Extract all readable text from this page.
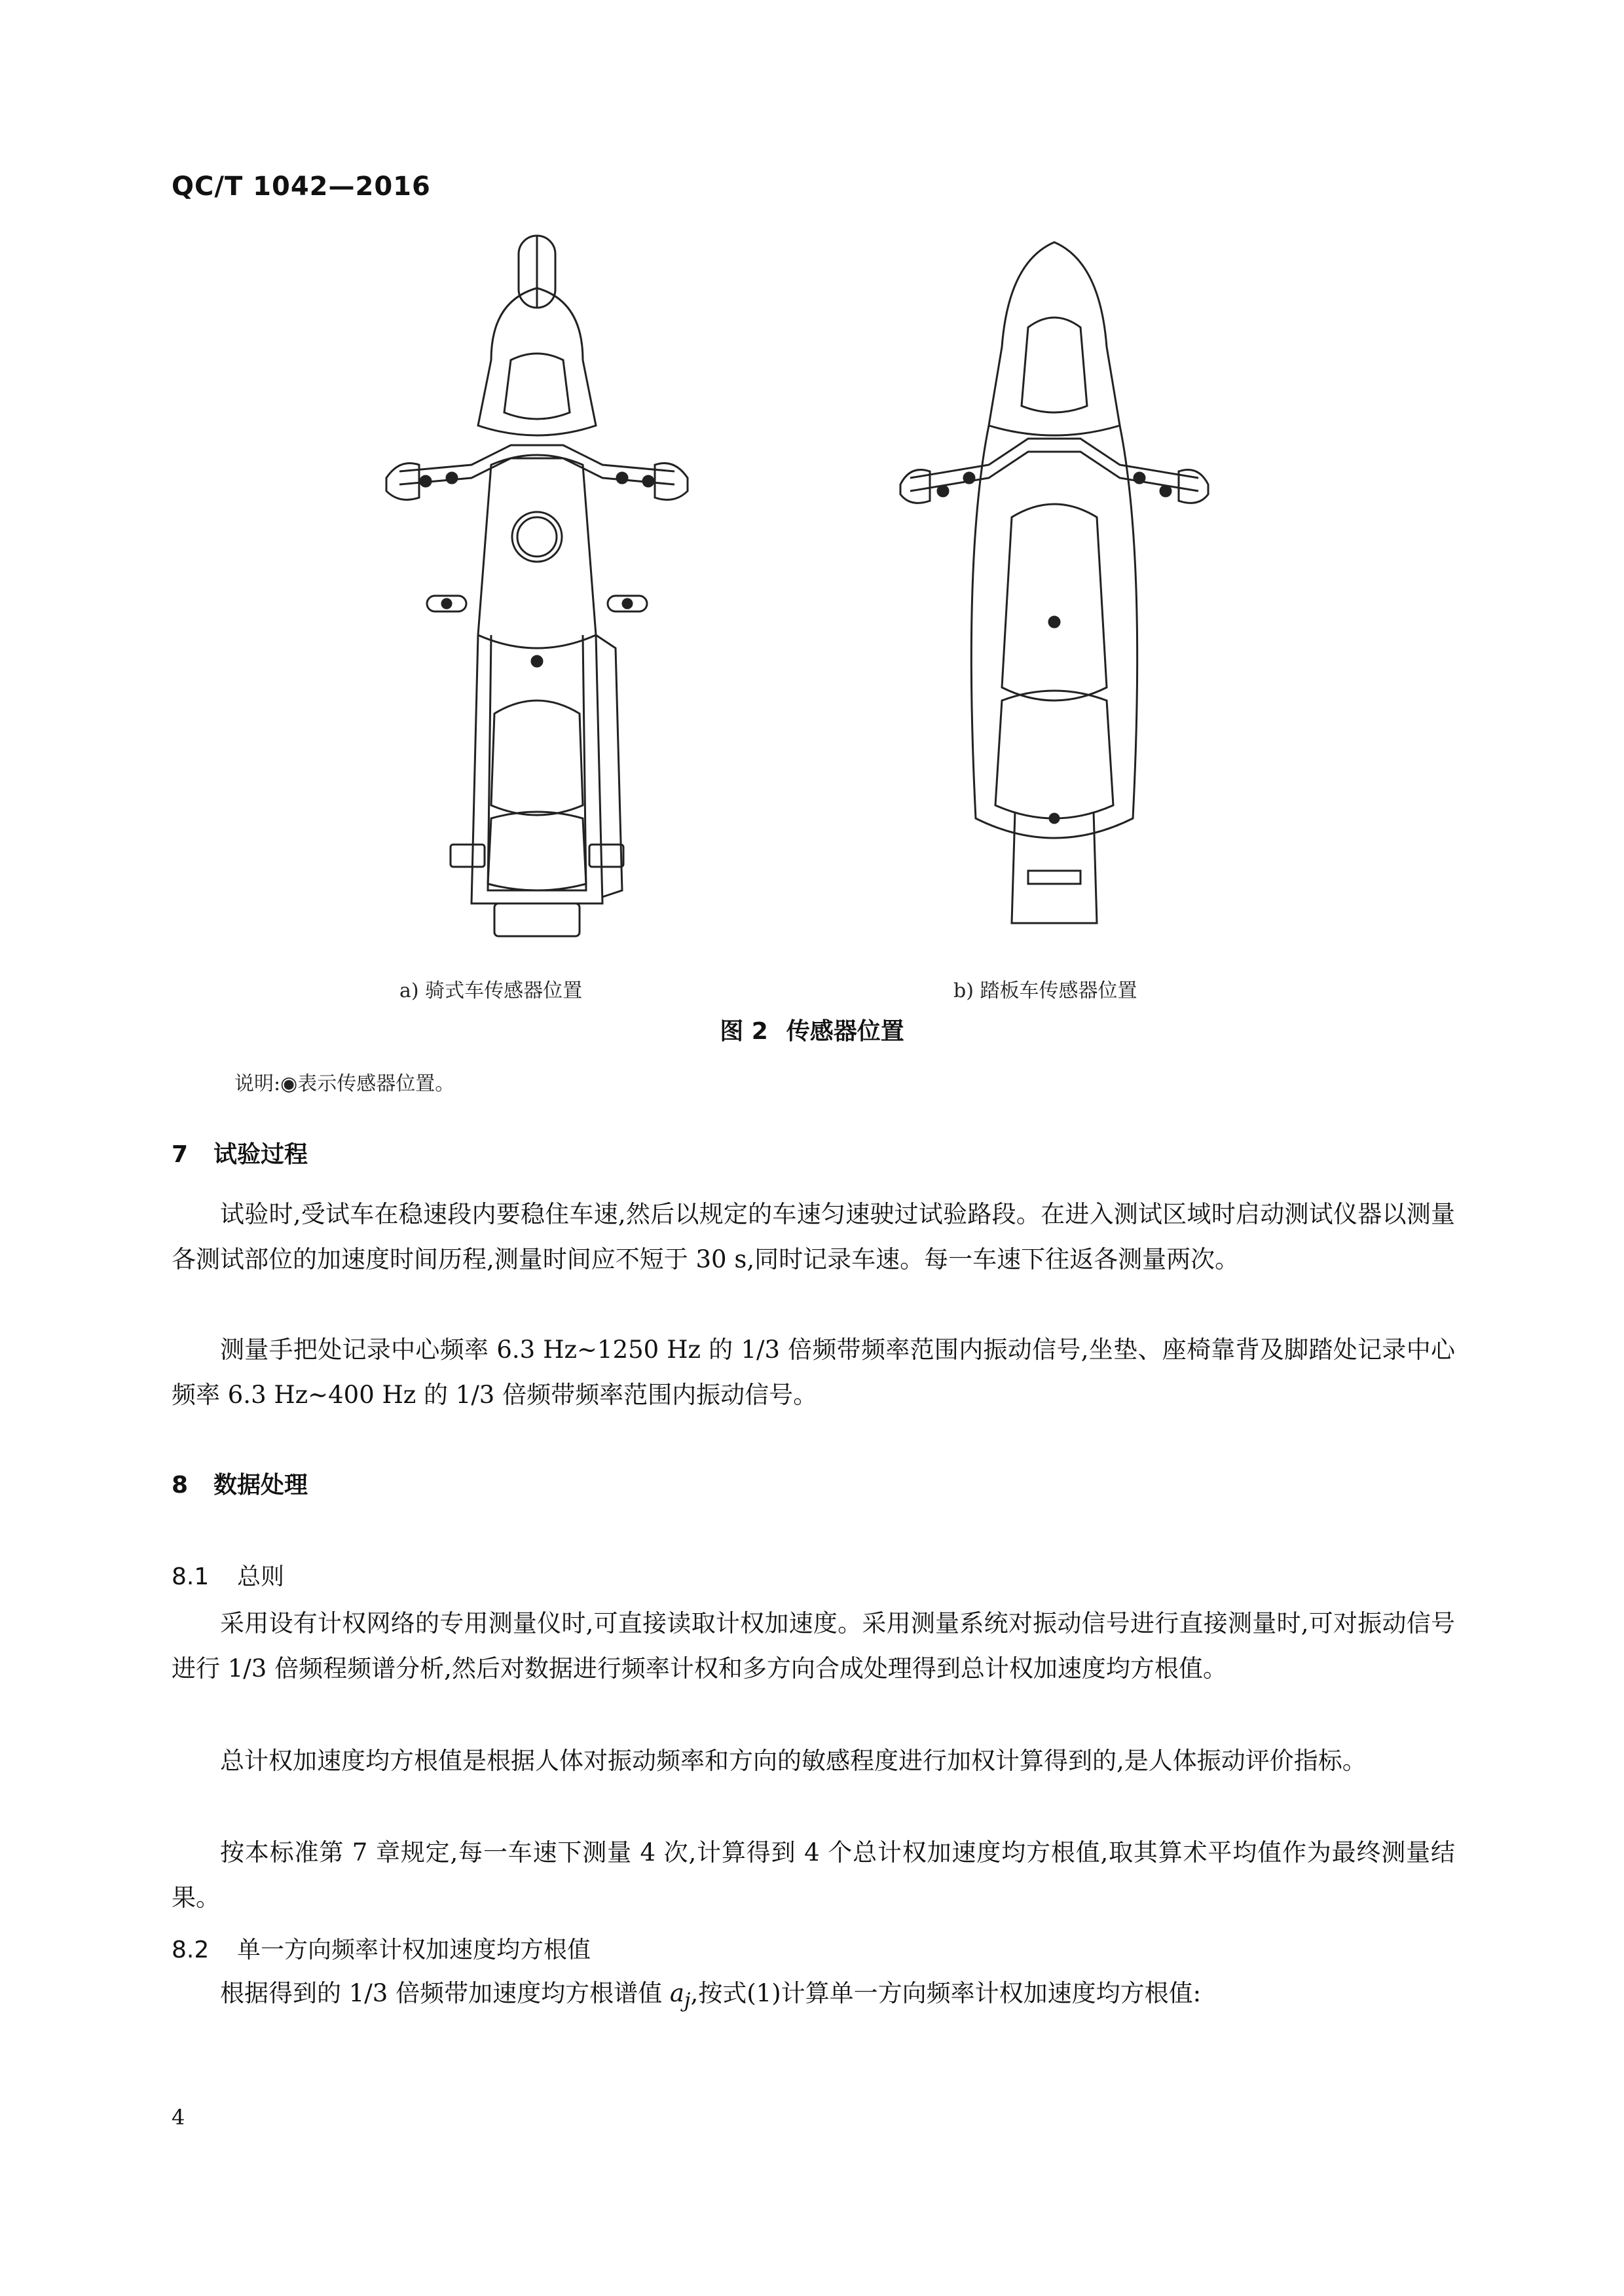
QC/T 1042—2016
a) 骑式车传感器位置	b) 踏板车传感器位置
图 2 传感器位置
说明:◉表示传感器位置。
7 试验过程
试验时,受试车在稳速段内要稳住车速,然后以规定的车速匀速驶过试验路段。在进入测试区域时启动测试仪器以测量各测试部位的加速度时间历程,测量时间应不短于 30 s,同时记录车速。每一车速下往返各测量两次。
测量手把处记录中心频率 6.3 Hz~1250 Hz 的 1/3 倍频带频率范围内振动信号,坐垫、座椅靠背及脚踏处记录中心频率 6.3 Hz~400 Hz 的 1/3 倍频带频率范围内振动信号。
8 数据处理
8.1 总则
采用设有计权网络的专用测量仪时,可直接读取计权加速度。采用测量系统对振动信号进行直接测量时,可对振动信号进行 1/3 倍频程频谱分析,然后对数据进行频率计权和多方向合成处理得到总计权加速度均方根值。
总计权加速度均方根值是根据人体对振动频率和方向的敏感程度进行加权计算得到的,是人体振动评价指标。
按本标准第 7 章规定,每一车速下测量 4 次,计算得到 4 个总计权加速度均方根值,取其算术平均值作为最终测量结果。
8.2 单一方向频率计权加速度均方根值
根据得到的 1/3 倍频带加速度均方根谱值 $a_j$,按式(1)计算单一方向频率计权加速度均方根值:
4
